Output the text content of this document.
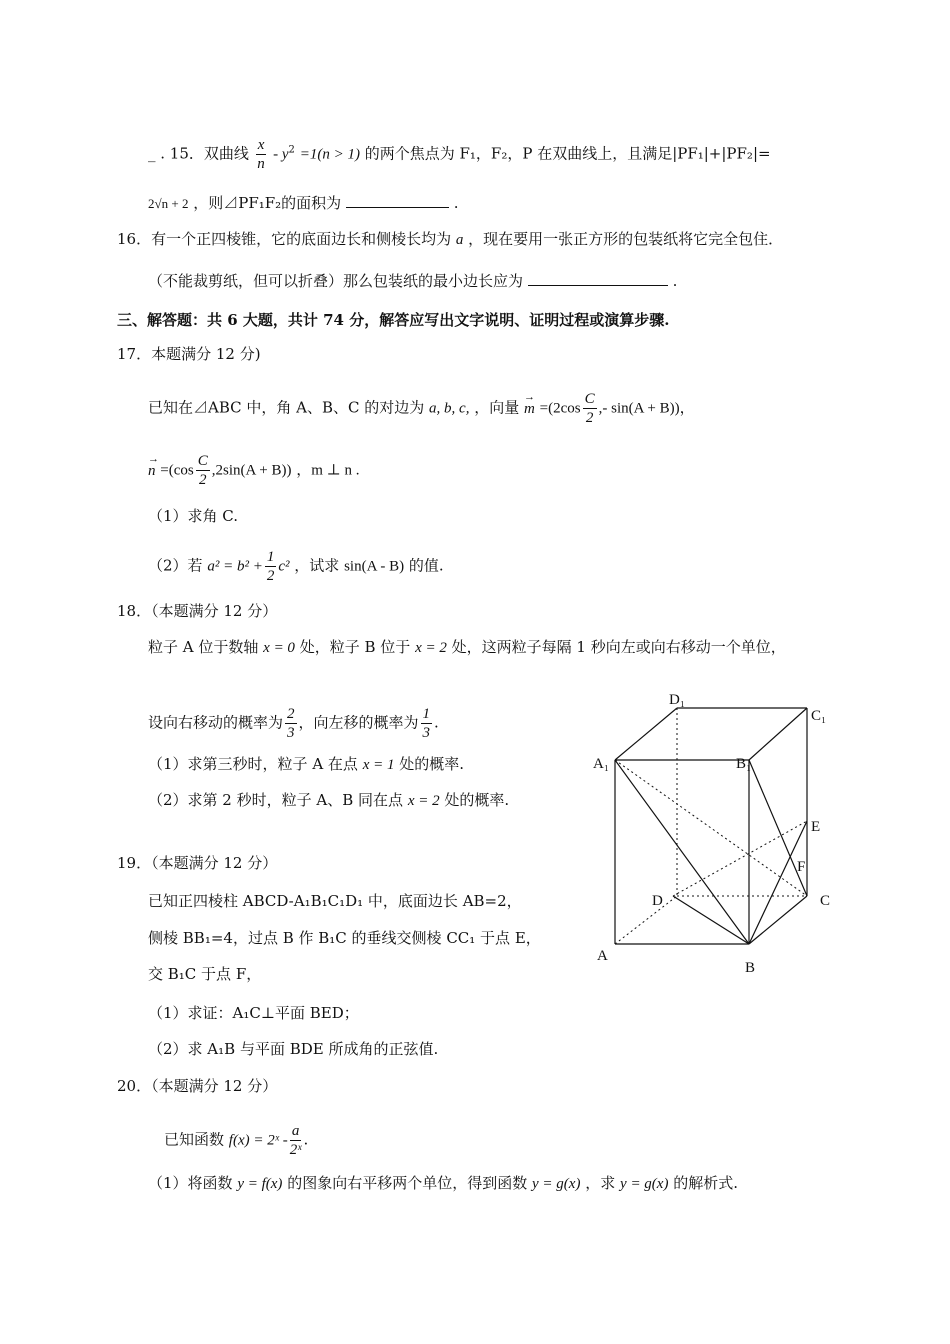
_ . 15．双曲线 $\frac{x}{n} - y^2 =1(n > 1)$ 的两个焦点为 F₁，F₂，P 在双曲线上，且满足|PF₁|+|PF₂|=
2√n + 2 ，则⊿PF₁F₂的面积为	.
16．有一个正四棱锥，它的底面边长和侧棱长均为 a ，现在要用一张正方形的包装纸将它完全包住．
（不能裁剪纸，但可以折叠）那么包装纸的最小边长应为	.
三、解答题：共 6 大题，共计 74 分，解答应写出文字说明、证明过程或演算步骤.
17．本题满分 12 分)
已知在⊿ABC 中，角 A、B、C 的对边为 a, b, c, ，向量 → $m =(2\cos \frac{C}{2}$ ,- sin(A + B))，
→ $n =(\cos \frac{C}{2} ,2\sin(A + B))$ ，m ⊥ n .
（1）求角 C.
（2）若 $a^2 = b^2 + \frac{1}{2} c^2$ ，试求 sin(A - B) 的值.
18．（本题满分 12 分）
粒子 A 位于数轴 x = 0 处，粒子 B 位于 x = 2 处，这两粒子每隔 1 秒向左或向右移动一个单位，
设向右移动的概率为 $\frac{2}{3}$ ，向左移的概率为 $\frac{1}{3}$ .
（1）求第三秒时，粒子 A 在点 x = 1 处的概率.
（2）求第 2 秒时，粒子 A、B 同在点 x = 2 处的概率.
19．（本题满分 12 分）
已知正四棱柱 ABCD-A₁B₁C₁D₁ 中，底面边长 AB=2，
侧棱 BB₁=4，过点 B 作 B₁C 的垂线交侧棱 CC₁ 于点 E，
交 B₁C 于点 F，
（1）求证：A₁C⊥平面 BED；
（2）求 A₁B 与平面 BDE 所成角的正弦值.
D₁
C₁
A₁	B₁
E
F
D	C
A
B
20．（本题满分 12 分）
已知函数 f(x) = 2ˣ - $\frac{a}{\text{2ˣ}}$ .
（1）将函数 y = f(x) 的图象向右平移两个单位，得到函数 y = g(x) ，求 y = g(x) 的解析式.
